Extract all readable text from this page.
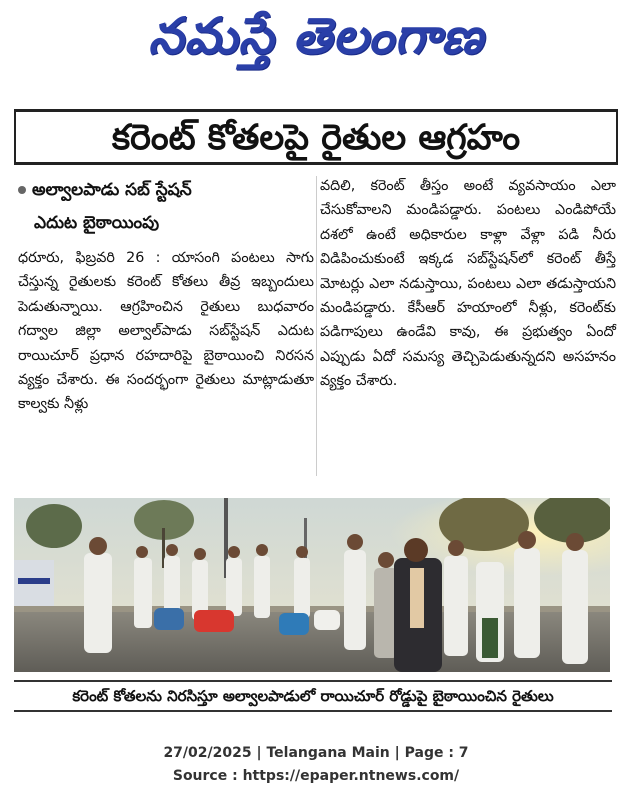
నమస్తే తెలంగాణ
కరెంట్ కోతలపై రైతుల ఆగ్రహం
అల్వాలపాడు సబ్ స్టేషన్
ఎదుట బైఠాయింపు
ధరూరు, ఫిబ్రవరి 26 : యాసంగి పంటలు సాగు చేస్తున్న రైతులకు కరెంట్ కోతలు తీవ్ర ఇబ్బందులు పెడుతున్నాయి. ఆగ్రహించిన రైతులు బుధవారం గద్వాల జిల్లా అల్వాల్‌పాడు సబ్‌స్టేషన్ ఎదుట రాయిచూర్ ప్రధాన రహదారిపై బైఠాయించి నిరసన వ్యక్తం చేశారు. ఈ సందర్భంగా రైతులు మాట్లాడుతూ కాల్వకు నీళ్లు
వదిలి, కరెంట్ తీస్తం అంటే వ్యవసాయం ఎలా చేసుకోవాలని మండిపడ్డారు. పంటలు ఎండిపోయే దశలో ఉంటే అధికారుల కాళ్లా వేళ్లా పడి నీరు విడిపించుకుంటే ఇక్కడ సబ్‌స్టేషన్‌లో కరెంట్ తీస్తే మోటర్లు ఎలా నడుస్తాయి, పంటలు ఎలా తడుస్తాయని మండిపడ్డారు. కేసీఆర్ హయాంలో నీళ్లు, కరెంట్‌కు పడిగాపులు ఉండేవి కావు, ఈ ప్రభుత్వం ఏందో ఎప్పుడు ఏదో సమస్య తెచ్చిపెడుతున్నదని అసహనం వ్యక్తం చేశారు.
కరెంట్ కోతలను నిరసిస్తూ అల్వాలపాడులో రాయిచూర్ రోడ్డుపై బైఠాయించిన రైతులు
27/02/2025 | Telangana Main | Page : 7
Source : https://epaper.ntnews.com/
